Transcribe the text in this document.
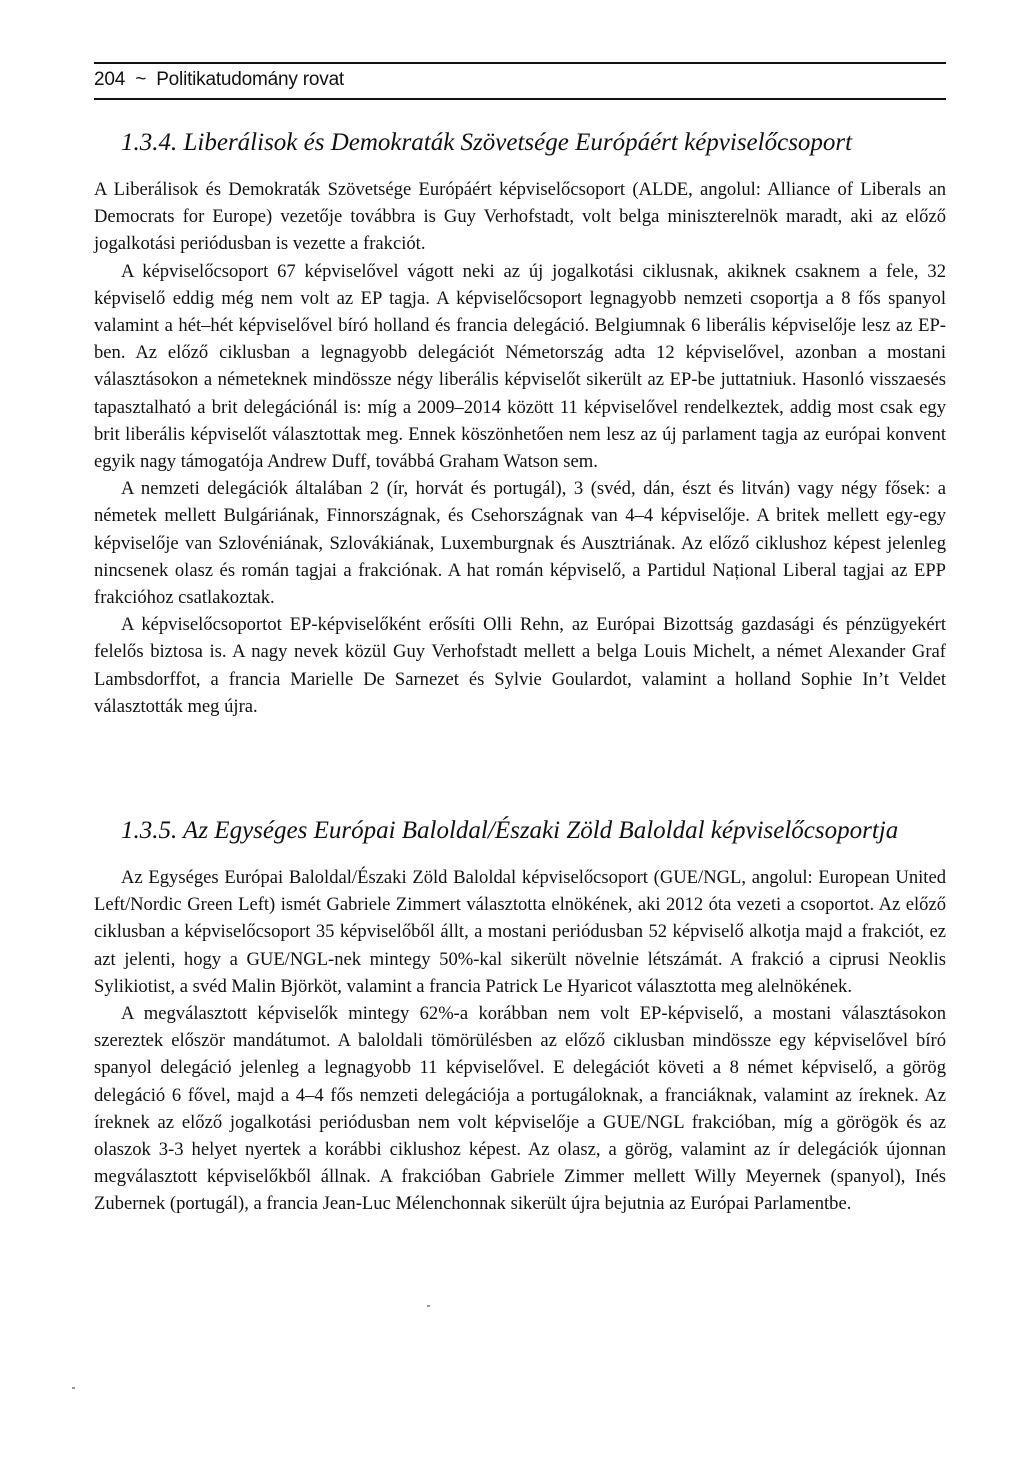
204 ~ Politikatudomány rovat
1.3.4. Liberálisok és Demokraták Szövetsége Európáért képviselőcsoport

A Liberálisok és Demokraták Szövetsége Európáért képviselőcsoport (ALDE, angolul: Alliance of Liberals an Democrats for Europe) vezetője továbbra is Guy Verhofstadt, volt belga miniszterelnök maradt, aki az előző jogalkotási periódusban is vezette a frakciót.

A képviselőcsoport 67 képviselővel vágott neki az új jogalkotási ciklusnak, akiknek csaknem a fele, 32 képviselő eddig még nem volt az EP tagja. A képviselőcsoport legnagyobb nemzeti csoportja a 8 fős spanyol valamint a hét–hét képviselővel bíró holland és francia delegáció. Belgiumnak 6 liberális képviselője lesz az EP-ben. Az előző ciklusban a legnagyobb delegációt Németország adta 12 képviselővel, azonban a mostani választásokon a németeknek mindössze négy liberális képviselőt sikerült az EP-be juttatniuk. Hasonló visszaesés tapasztalható a brit delegációnál is: míg a 2009–2014 között 11 képviselővel rendelkeztek, addig most csak egy brit liberális képviselőt választottak meg. Ennek köszönhetően nem lesz az új parlament tagja az európai konvent egyik nagy támogatója Andrew Duff, továbbá Graham Watson sem.

A nemzeti delegációk általában 2 (ír, horvát és portugál), 3 (svéd, dán, észt és litván) vagy négy fősek: a németek mellett Bulgáriának, Finnországnak, és Csehországnak van 4–4 képviselője. A britek mellett egy-egy képviselője van Szlovéniának, Szlovákiának, Luxemburgnak és Ausztriának. Az előző ciklushoz képest jelenleg nincsenek olasz és román tagjai a frakciónak. A hat román képviselő, a Partidul Național Liberal tagjai az EPP frakcióhoz csatlakoztak.

A képviselőcsoportot EP-képviselőként erősíti Olli Rehn, az Európai Bizottság gazdasági és pénzügyekért felelős biztosa is. A nagy nevek közül Guy Verhofstadt mellett a belga Louis Michelt, a német Alexander Graf Lambsdorffot, a francia Marielle De Sarnezet és Sylvie Goulardot, valamint a holland Sophie In’t Veldet választották meg újra.

1.3.5. Az Egységes Európai Baloldal/Északi Zöld Baloldal képviselőcsoportja

Az Egységes Európai Baloldal/Északi Zöld Baloldal képviselőcsoport (GUE/NGL, angolul: European United Left/Nordic Green Left) ismét Gabriele Zimmert választotta elnökének, aki 2012 óta vezeti a csoportot. Az előző ciklusban a képviselőcsoport 35 képviselőből állt, a mostani periódusban 52 képviselő alkotja majd a frakciót, ez azt jelenti, hogy a GUE/NGL-nek mintegy 50%-kal sikerült növelnie létszámát. A frakció a ciprusi Neoklis Sylikiotist, a svéd Malin Björköt, valamint a francia Patrick Le Hyaricot választotta meg alelnökének.

A megválasztott képviselők mintegy 62%-a korábban nem volt EP-képviselő, a mostani választásokon szereztek először mandátumot. A baloldali tömörülésben az előző ciklusban mindössze egy képviselővel bíró spanyol delegáció jelenleg a legnagyobb 11 képviselővel. E delegációt követi a 8 német képviselő, a görög delegáció 6 fővel, majd a 4–4 fős nemzeti delegációja a portugáloknak, a franciáknak, valamint az íreknek. Az íreknek az előző jogalkotási periódusban nem volt képviselője a GUE/NGL frakcióban, míg a görögök és az olaszok 3-3 helyet nyertek a korábbi ciklushoz képest. Az olasz, a görög, valamint az ír delegációk újonnan megválasztott képviselőkből állnak. A frakcióban Gabriele Zimmer mellett Willy Meyernek (spanyol), Inés Zubernek (portugál), a francia Jean-Luc Mélenchonnak sikerült újra bejutnia az Európai Parlamentbe.
